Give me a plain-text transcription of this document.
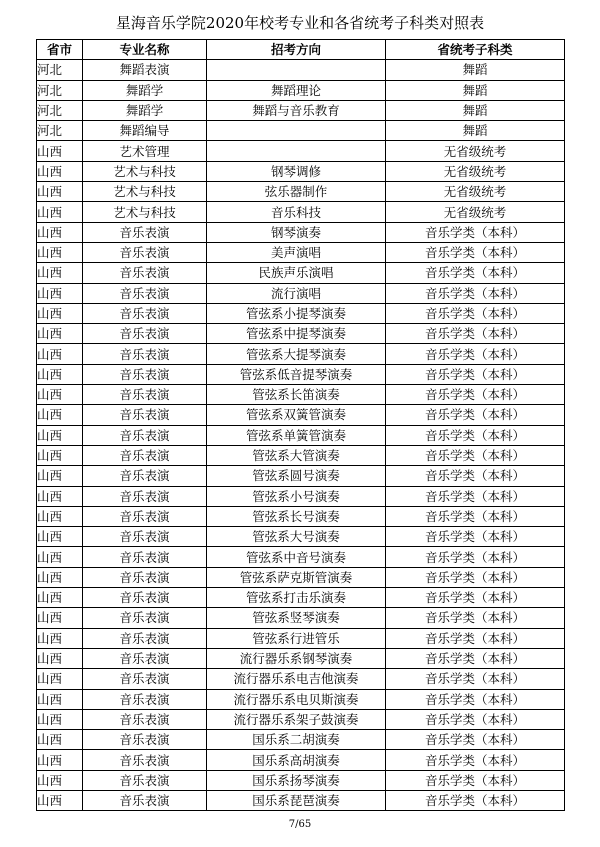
星海音乐学院2020年校考专业和各省统考子科类对照表
省市	专业名称	招考方向	省统考子科类
河北	舞蹈表演		舞蹈
河北	舞蹈学	舞蹈理论	舞蹈
河北	舞蹈学	舞蹈与音乐教育	舞蹈
河北	舞蹈编导		舞蹈
山西	艺术管理		无省级统考
山西	艺术与科技	钢琴调修	无省级统考
山西	艺术与科技	弦乐器制作	无省级统考
山西	艺术与科技	音乐科技	无省级统考
山西	音乐表演	钢琴演奏	音乐学类（本科）
山西	音乐表演	美声演唱	音乐学类（本科）
山西	音乐表演	民族声乐演唱	音乐学类（本科）
山西	音乐表演	流行演唱	音乐学类（本科）
山西	音乐表演	管弦系小提琴演奏	音乐学类（本科）
山西	音乐表演	管弦系中提琴演奏	音乐学类（本科）
山西	音乐表演	管弦系大提琴演奏	音乐学类（本科）
山西	音乐表演	管弦系低音提琴演奏	音乐学类（本科）
山西	音乐表演	管弦系长笛演奏	音乐学类（本科）
山西	音乐表演	管弦系双簧管演奏	音乐学类（本科）
山西	音乐表演	管弦系单簧管演奏	音乐学类（本科）
山西	音乐表演	管弦系大管演奏	音乐学类（本科）
山西	音乐表演	管弦系圆号演奏	音乐学类（本科）
山西	音乐表演	管弦系小号演奏	音乐学类（本科）
山西	音乐表演	管弦系长号演奏	音乐学类（本科）
山西	音乐表演	管弦系大号演奏	音乐学类（本科）
山西	音乐表演	管弦系中音号演奏	音乐学类（本科）
山西	音乐表演	管弦系萨克斯管演奏	音乐学类（本科）
山西	音乐表演	管弦系打击乐演奏	音乐学类（本科）
山西	音乐表演	管弦系竖琴演奏	音乐学类（本科）
山西	音乐表演	管弦系行进管乐	音乐学类（本科）
山西	音乐表演	流行器乐系钢琴演奏	音乐学类（本科）
山西	音乐表演	流行器乐系电吉他演奏	音乐学类（本科）
山西	音乐表演	流行器乐系电贝斯演奏	音乐学类（本科）
山西	音乐表演	流行器乐系架子鼓演奏	音乐学类（本科）
山西	音乐表演	国乐系二胡演奏	音乐学类（本科）
山西	音乐表演	国乐系高胡演奏	音乐学类（本科）
山西	音乐表演	国乐系扬琴演奏	音乐学类（本科）
山西	音乐表演	国乐系琵琶演奏	音乐学类（本科）
7/65
